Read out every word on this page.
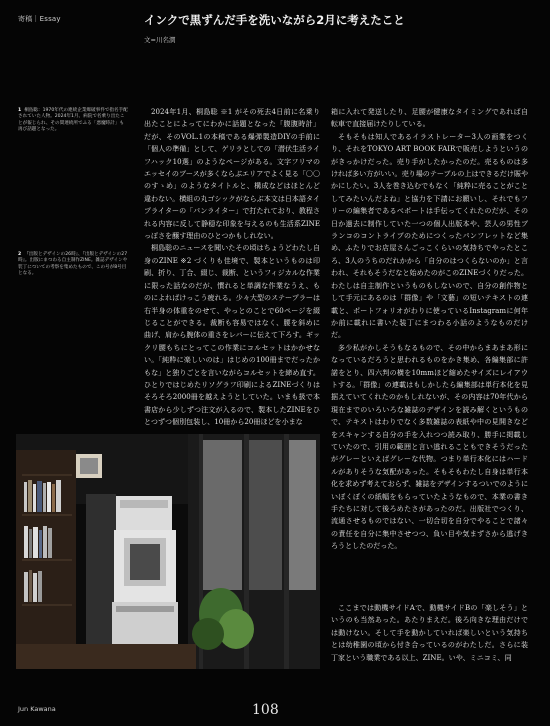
寄稿｜Essay	インクで黒ずんだ手を洗いながら2月に考えたこと
文=川名潤
1 桐島聡：1970年代の連続企業爆破事件で指名手配されていた人物。2024年1月、病院で名乗り出たことが報じられ、その間連続所でふる「悪魔時計」も再び話題となった。
2 『出版とデザインの26時』、『出版とデザインの27時』。出版にまつわる自主制作ZINE。雑誌デザインや装丁についての考察を集めたもので、この号が8号目となる。

2024年1月、桐島聡 ※1 がその死去4日前に名乗り出たことによってにわかに話題となった「腹腹時計」だが、そのVOL.1の本稿である爆弾製造DIYの手前に「個人の準備」として、ゲリラとしての「潜伏生活ライフハック10選」のようなページがある。文字フリマのエッセイのブースが多くならぶエリアでよく見る「〇〇のすゝめ」のようなタイトルと、構成などはほとんど違わない。横組の丸ゴシックがならぶ本文は日本語タイプライターの「パンライター」で打たれており、教程される内容に反して静穏な印象を与えるのも生活系ZINEっぽさを醸す理由のひとつかもしれない。

桐島聡のニュースを聞いたその頃はちょうどわたし自身のZINE ※2 づくりも佳境で、製本というものは印刷、折り、丁合、綴じ、裁断、というフィジカルな作業に限った話なのだが、慣れると単調な作業なうえ、ものによればけっこう疲れる。少々大型のステープラーは右半身の体重をのせて、やっとのことで60ページを綴じることができる。裁断も容易ではなく、腰を斜めに曲げ、肩から腕体の重さをレバーに伝えて下ろす。ギックリ腰もちにとってこの作業にコルセットはかかせない。「純粋に楽しいのは」はじめの100冊までだったかもな」と独りごとを言いながらコルセットを締め直す。ひとりではじめたリソグラフ印刷によるZINEづくりはそろそろ2000冊を越えようとしていた。いまも扱で本書店から少しずつ注文が入るので、製本したZINEをひとつずつ個別包装し、10冊から20冊ほどを小まな

箱に入れて発送したり、足腰が健康なタイミングであれば自転車で直接届けたりしている。

そもそもは知人であるイラストレーター3人の画業をつくり、それをTOKYO ART BOOK FAIRで販売しようというのがきっかけだった。売り手がしたかったのだ。売るものは多ければ多い方がいい。売り場のテーブルの上はできるだけ賑やかにしたい。3人を巻き込むでもなく「純粋に売ることがことしてみたいんだよね」と協力を下請にお願いし、それでもフリーの編集者であるべポートは手伝ってくれたのだが、その日か過去に制作していた一つの個人出版本や、芸人の男性ブランコのコントライブのためにつくったパンフレットなど集め、ふたりでお店屋さんごっこくらいの気持ちでやったところ、3人のうちのだれかから「自分のはつくらないのか」と言われ、それもそうだなと始めたのがこのZINEづくりだった。わたしは自主制作というものもしないので、自分の創作物として手元にあるのは「群像」や「文藝」の短いテキストの連載と、ポートフォリオがわりに使っているInstagramに何年か前に載れに書いた装丁にまつわる小話のようなものだけだ。

多少私がかしそうもなるもので、その中からまあまあ形になっているだろうと思われるものをかき集め、各編集部に許諾をとり、四六判の横を10mmほど縮めたサイズにレイアウトする。「群像」の連載はもしかしたら編集部は単行本化を見据えていてくれたのかもしれないが、その内容は70年代から現在までのいろいろな雑誌のデザインを読み解くというもので、テキストはわりでなく多数雑誌の表紙や中の見開きなどをスキャンする自分の手を入れつつ読み取り、勝手に掲載していたので、引用の範囲と言い逃れることもできそうだったがグレーといえばグレーな代物。つまり単行本化にはハードルがありそうな気配があった。そもそもわたし自身は単行本化を求めず考えておらず、雑誌をデザインするついでのようにいぼくぼくの紙幅をもらっていたようなもので、本業の書き手たちに対して後ろめたさがあったのだ。出版社でつくり、流通させるものではない、一切合切を自分でやることで諸々の責任を自分に集中させつつ、負い目や気まずさから逃げきろうとしたのだった。

ここまでは動機サイドAで、動機サイドBの「楽しそう」というのも当然あった。あたりまえだ。後ろ向きな理由だけでは動けない。そして手を動かしていれば楽しいという気持ちとは幼稚園の頃から付き合っているのがわたしだ。さらに装丁家という職業である以上、ZINE。いや、ミニコミ、同

Jun Kawana	108
